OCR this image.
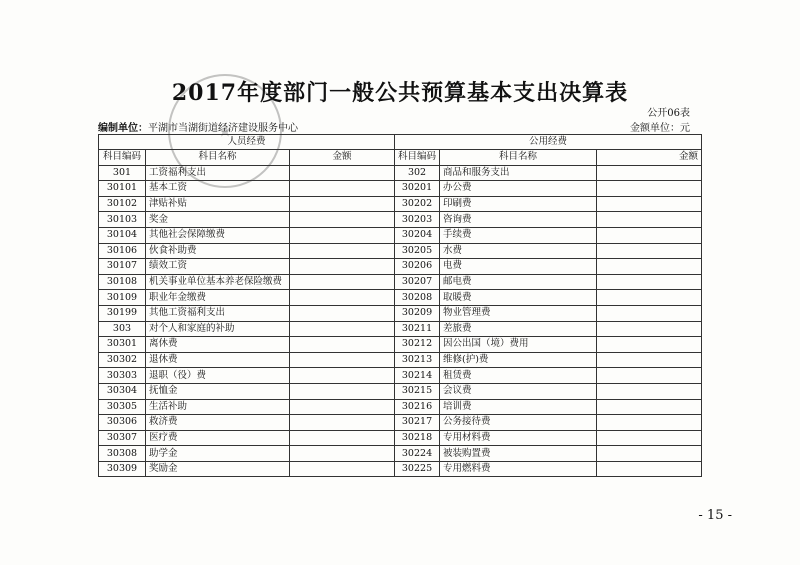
2017年度部门一般公共预算基本支出决算表
公开06表
编制单位：平湖市当湖街道经济建设服务中心	金额单位：元
人员经费			公用经费		
科目编码	科目名称	金额	科目编码	科目名称	金额
301	工资福利支出		302	商品和服务支出	
30101	基本工资		30201	办公费	
30102	津贴补贴		30202	印刷费	
30103	奖金		30203	咨询费	
30104	其他社会保障缴费		30204	手续费	
30106	伙食补助费		30205	水费	
30107	绩效工资		30206	电费	
30108	机关事业单位基本养老保险缴费		30207	邮电费	
30109	职业年金缴费		30208	取暖费	
30199	其他工资福利支出		30209	物业管理费	
303	对个人和家庭的补助		30211	差旅费	
30301	离休费		30212	因公出国（境）费用	
30302	退休费		30213	维修(护)费	
30303	退职（役）费		30214	租赁费	
30304	抚恤金		30215	会议费	
30305	生活补助		30216	培训费	
30306	救济费		30217	公务接待费	
30307	医疗费		30218	专用材料费	
30308	助学金		30224	被装购置费	
30309	奖励金		30225	专用燃料费	
- 15 -
